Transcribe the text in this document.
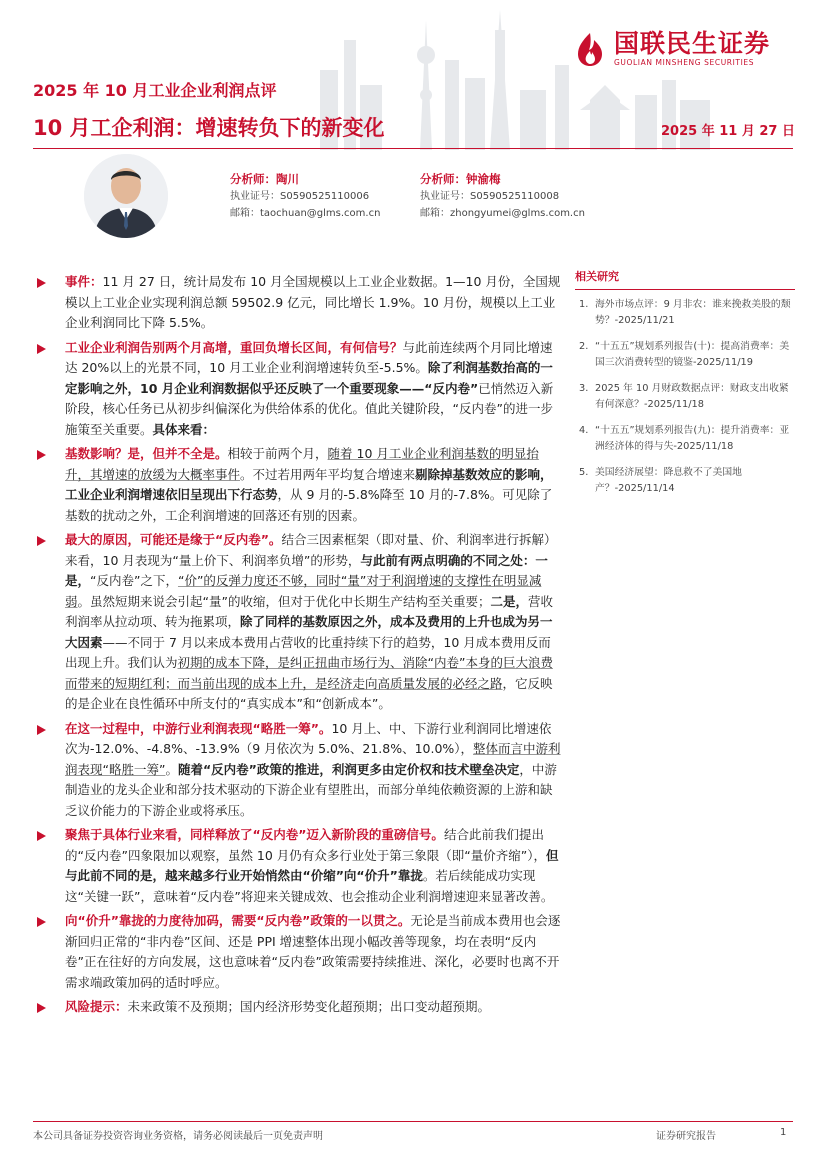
国联民生证券
GUOLIAN MINSHENG SECURITIES
2025 年 10 月工业企业利润点评
10 月工企利润：增速转负下的新变化	2025 年 11 月 27 日
分析师：陶川
执业证号：S0590525110006
邮箱：taochuan@glms.com.cn
分析师：钟渝梅
执业证号：S0590525110008
邮箱：zhongyumei@glms.com.cn
事件：11 月 27 日，统计局发布 10 月全国规模以上工业企业数据。1—10 月份，全国规模以上工业企业实现利润总额 59502.9 亿元，同比增长 1.9%。10 月份，规模以上工业企业利润同比下降 5.5%。
工业企业利润告别两个月高增，重回负增长区间，有何信号？与此前连续两个月同比增速达 20%以上的光景不同，10 月工业企业利润增速转负至-5.5%。除了利润基数抬高的一定影响之外，10 月企业利润数据似乎还反映了一个重要现象——“反内卷”已悄然迈入新阶段，核心任务已从初步纠偏深化为供给体系的优化。值此关键阶段，“反内卷”的进一步施策至关重要。具体来看：
基数影响？是，但并不全是。相较于前两个月，随着 10 月工业企业利润基数的明显抬升，其增速的放缓为大概率事件。不过若用两年平均复合增速来剔除掉基数效应的影响，工业企业利润增速依旧呈现出下行态势，从 9 月的-5.8%降至 10 月的-7.8%。可见除了基数的扰动之外，工企利润增速的回落还有别的因素。
最大的原因，可能还是缘于“反内卷”。结合三因素框架（即对量、价、利润率进行拆解）来看，10 月表现为“量上价下、利润率负增”的形势，与此前有两点明确的不同之处：一是，“反内卷”之下，“价”的反弹力度还不够，同时“量”对于利润增速的支撑性在明显减弱。虽然短期来说会引起“量”的收缩，但对于优化中长期生产结构至关重要；二是，营收利润率从拉动项、转为拖累项，除了同样的基数原因之外，成本及费用的上升也成为另一大因素——不同于 7 月以来成本费用占营收的比重持续下行的趋势，10 月成本费用反而出现上升。我们认为初期的成本下降，是纠正扭曲市场行为、消除“内卷”本身的巨大浪费而带来的短期红利；而当前出现的成本上升，是经济走向高质量发展的必经之路，它反映的是企业在良性循环中所支付的“真实成本”和“创新成本”。
在这一过程中，中游行业利润表现“略胜一筹”。10 月上、中、下游行业利润同比增速依次为-12.0%、-4.8%、-13.9%（9 月依次为 5.0%、21.8%、10.0%），整体而言中游利润表现“略胜一筹”。随着“反内卷”政策的推进，利润更多由定价权和技术壁垒决定，中游制造业的龙头企业和部分技术驱动的下游企业有望胜出，而部分单纯依赖资源的上游和缺乏议价能力的下游企业或将承压。
聚焦于具体行业来看，同样释放了“反内卷”迈入新阶段的重磅信号。结合此前我们提出的“反内卷”四象限加以观察，虽然 10 月仍有众多行业处于第三象限（即“量价齐缩”），但与此前不同的是，越来越多行业开始悄然由“价缩”向“价升”靠拢。若后续能成功实现这“关键一跃”，意味着“反内卷”将迎来关键成效、也会推动企业利润增速迎来显著改善。
向“价升”靠拢的力度待加码，需要“反内卷”政策的一以贯之。无论是当前成本费用也会逐渐回归正常的“非内卷”区间、还是 PPI 增速整体出现小幅改善等现象，均在表明“反内卷”正在往好的方向发展，这也意味着“反内卷”政策需要持续推进、深化，必要时也离不开需求端政策加码的适时呼应。
风险提示：未来政策不及预期；国内经济形势变化超预期；出口变动超预期。
相关研究
1. 海外市场点评：9 月非农：谁来挽救美股的颓势？-2025/11/21
2. “十五五”规划系列报告(十)：提高消费率：美国三次消费转型的镜鉴-2025/11/19
3. 2025 年 10 月财政数据点评：财政支出收紧有何深意？-2025/11/18
4. “十五五”规划系列报告(九)：提升消费率：亚洲经济体的得与失-2025/11/18
5. 美国经济展望：降息救不了美国地产？-2025/11/14
本公司具备证券投资咨询业务资格，请务必阅读最后一页免责声明	证券研究报告	1
